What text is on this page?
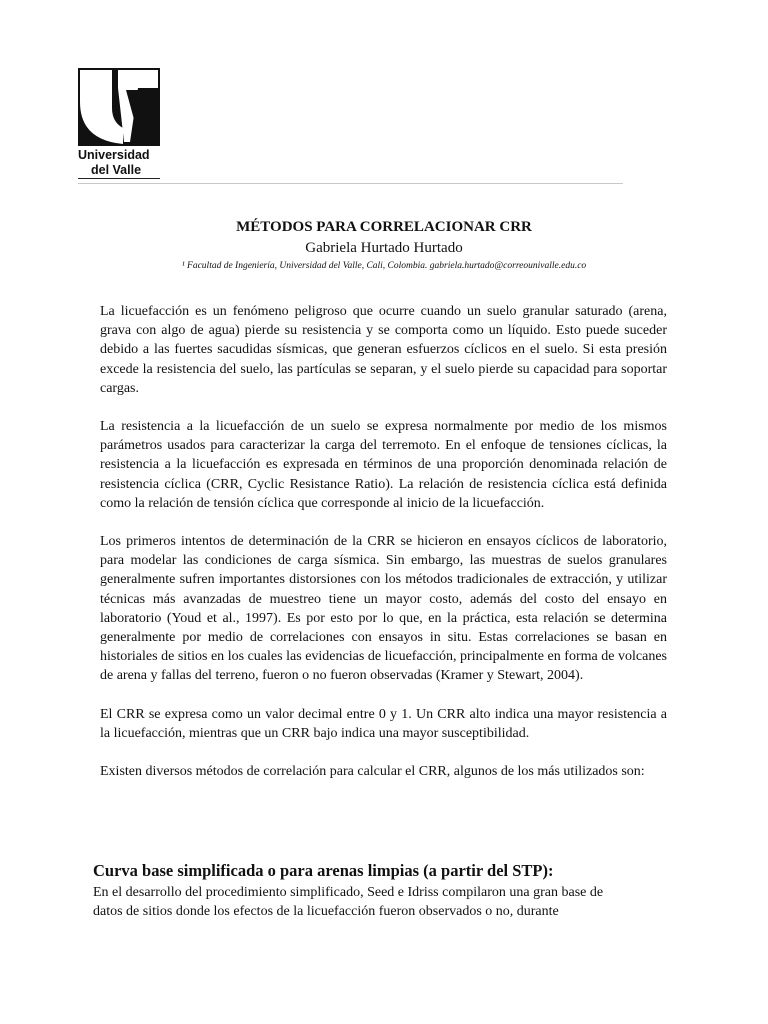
Universidad
del Valle
MÉTODOS PARA CORRELACIONAR CRR
Gabriela Hurtado Hurtado
¹ Facultad de Ingeniería, Universidad del Valle, Cali, Colombia. gabriela.hurtado@correounivalle.edu.co

La licuefacción es un fenómeno peligroso que ocurre cuando un suelo granular saturado (arena, grava con algo de agua) pierde su resistencia y se comporta como un líquido. Esto puede suceder debido a las fuertes sacudidas sísmicas, que generan esfuerzos cíclicos en el suelo. Si esta presión excede la resistencia del suelo, las partículas se separan, y el suelo pierde su capacidad para soportar cargas.

La resistencia a la licuefacción de un suelo se expresa normalmente por medio de los mismos parámetros usados para caracterizar la carga del terremoto. En el enfoque de tensiones cíclicas, la resistencia a la licuefacción es expresada en términos de una proporción denominada relación de resistencia cíclica (CRR, Cyclic Resistance Ratio). La relación de resistencia cíclica está definida como la relación de tensión cíclica que corresponde al inicio de la licuefacción.

Los primeros intentos de determinación de la CRR se hicieron en ensayos cíclicos de laboratorio, para modelar las condiciones de carga sísmica. Sin embargo, las muestras de suelos granulares generalmente sufren importantes distorsiones con los métodos tradicionales de extracción, y utilizar técnicas más avanzadas de muestreo tiene un mayor costo, además del costo del ensayo en laboratorio (Youd et al., 1997). Es por esto por lo que, en la práctica, esta relación se determina generalmente por medio de correlaciones con ensayos in situ. Estas correlaciones se basan en historiales de sitios en los cuales las evidencias de licuefacción, principalmente en forma de volcanes de arena y fallas del terreno, fueron o no fueron observadas (Kramer y Stewart, 2004).

El CRR se expresa como un valor decimal entre 0 y 1. Un CRR alto indica una mayor resistencia a la licuefacción, mientras que un CRR bajo indica una mayor susceptibilidad.

Existen diversos métodos de correlación para calcular el CRR, algunos de los más utilizados son:

Curva base simplificada o para arenas limpias (a partir del STP):
En el desarrollo del procedimiento simplificado, Seed e Idriss compilaron una gran base de
datos de sitios donde los efectos de la licuefacción fueron observados o no, durante
